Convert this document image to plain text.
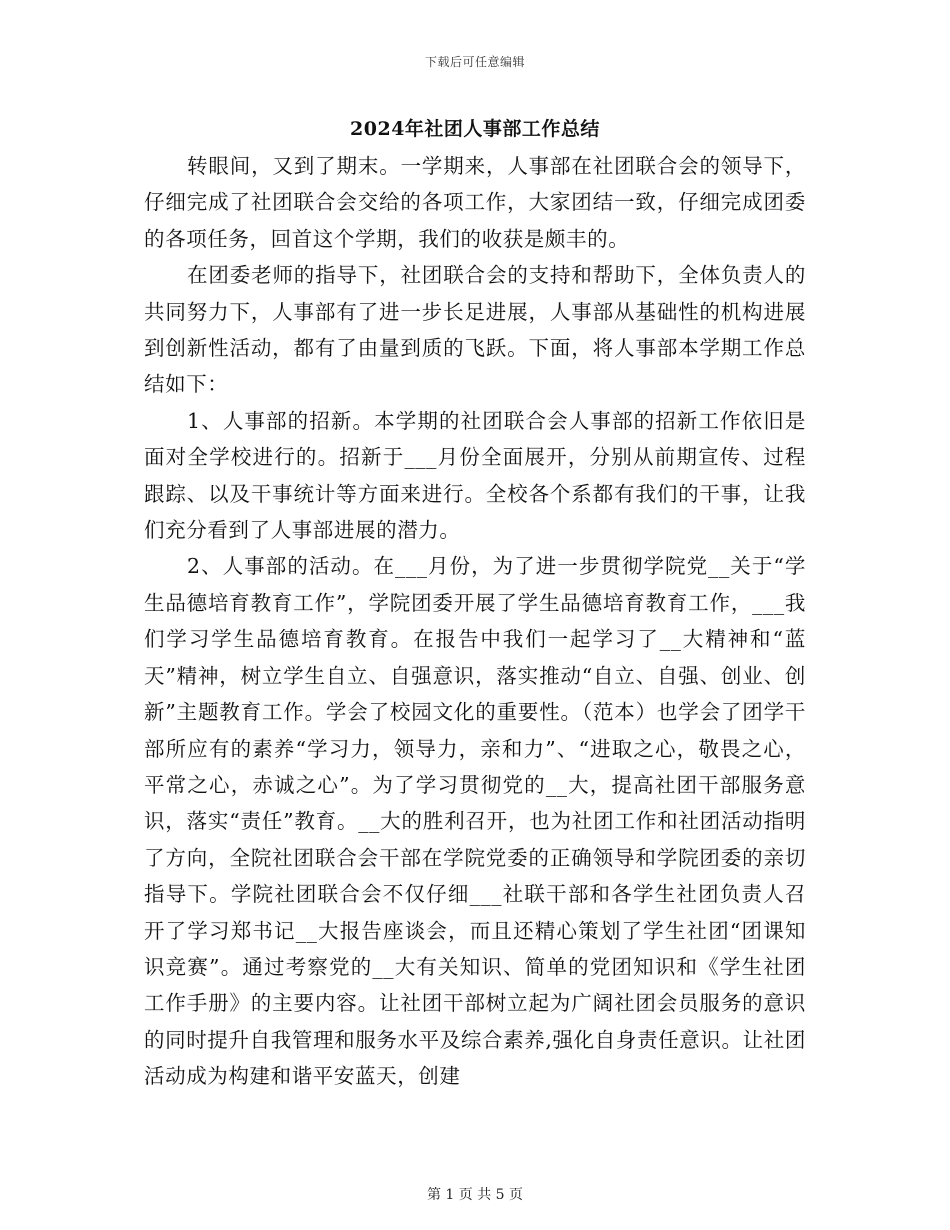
下载后可任意编辑
2024年社团人事部工作总结

转眼间，又到了期末。一学期来，人事部在社团联合会的领导下，仔细完成了社团联合会交给的各项工作，大家团结一致，仔细完成团委的各项任务，回首这个学期，我们的收获是颇丰的。

在团委老师的指导下，社团联合会的支持和帮助下，全体负责人的共同努力下，人事部有了进一步长足进展，人事部从基础性的机构进展到创新性活动，都有了由量到质的飞跃。下面，将人事部本学期工作总结如下：

1、人事部的招新。本学期的社团联合会人事部的招新工作依旧是面对全学校进行的。招新于___月份全面展开，分别从前期宣传、过程跟踪、以及干事统计等方面来进行。全校各个系都有我们的干事，让我们充分看到了人事部进展的潜力。

2、人事部的活动。在___月份，为了进一步贯彻学院党__关于“学生品德培育教育工作”，学院团委开展了学生品德培育教育工作，___我们学习学生品德培育教育。在报告中我们一起学习了__大精神和“蓝天”精神，树立学生自立、自强意识，落实推动“自立、自强、创业、创新”主题教育工作。学会了校园文化的重要性。（范本）也学会了团学干部所应有的素养“学习力，领导力，亲和力”、“进取之心，敬畏之心，平常之心，赤诚之心”。为了学习贯彻党的__大，提高社团干部服务意识，落实“责任”教育。__大的胜利召开，也为社团工作和社团活动指明了方向，全院社团联合会干部在学院党委的正确领导和学院团委的亲切指导下。学院社团联合会不仅仔细___社联干部和各学生社团负责人召开了学习郑书记__大报告座谈会，而且还精心策划了学生社团“团课知识竞赛”。通过考察党的__大有关知识、简单的党团知识和《学生社团工作手册》的主要内容。让社团干部树立起为广阔社团会员服务的意识的同时提升自我管理和服务水平及综合素养,强化自身责任意识。让社团活动成为构建和谐平安蓝天，创建

第 1 页 共 5 页
